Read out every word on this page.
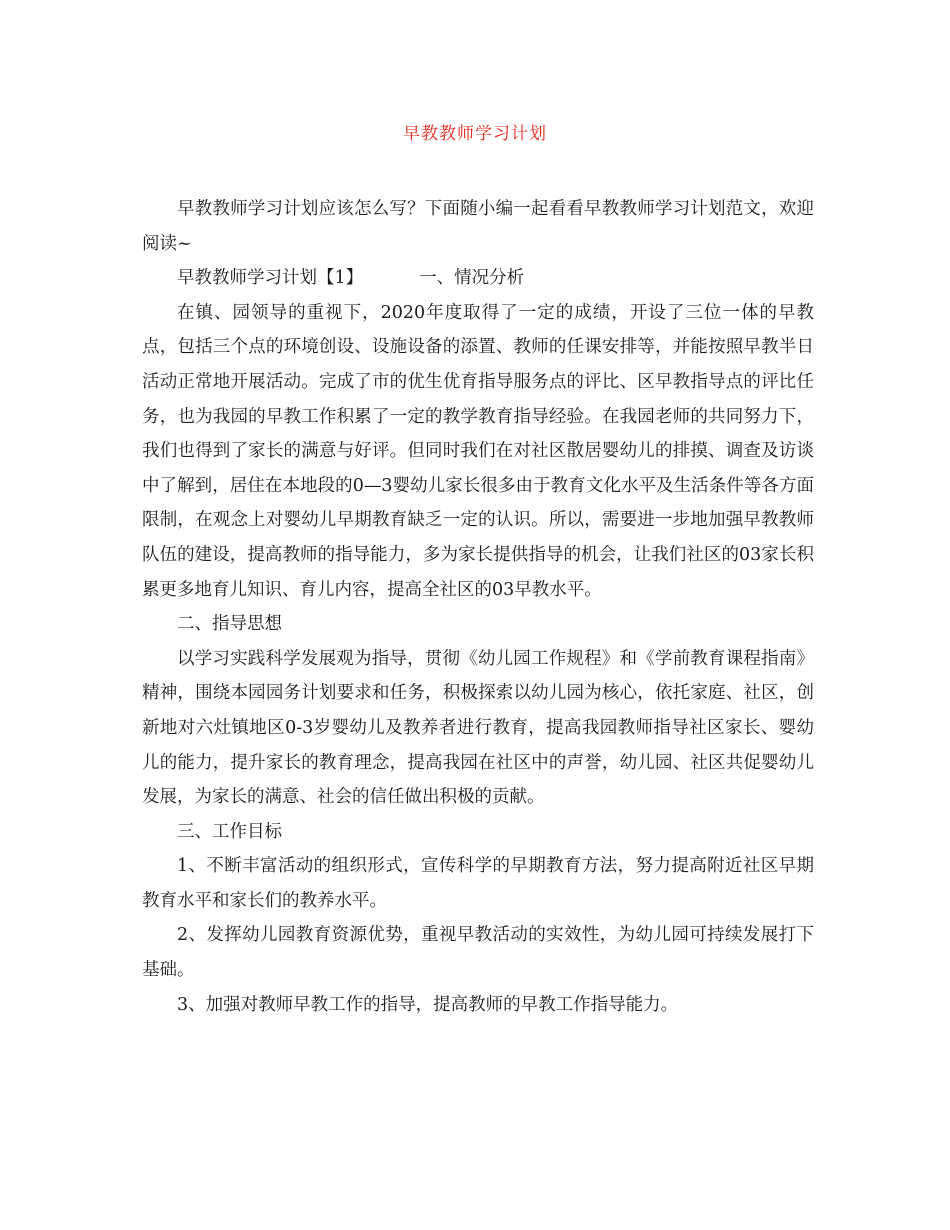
早教教师学习计划

早教教师学习计划应该怎么写？下面随小编一起看看早教教师学习计划范文，欢迎阅读~

早教教师学习计划【1】	一、情况分析

在镇、园领导的重视下，2020年度取得了一定的成绩，开设了三位一体的早教点，包括三个点的环境创设、设施设备的添置、教师的任课安排等，并能按照早教半日活动正常地开展活动。完成了市的优生优育指导服务点的评比、区早教指导点的评比任务，也为我园的早教工作积累了一定的教学教育指导经验。在我园老师的共同努力下，我们也得到了家长的满意与好评。但同时我们在对社区散居婴幼儿的排摸、调查及访谈中了解到，居住在本地段的0—3婴幼儿家长很多由于教育文化水平及生活条件等各方面限制，在观念上对婴幼儿早期教育缺乏一定的认识。所以，需要进一步地加强早教教师队伍的建设，提高教师的指导能力，多为家长提供指导的机会，让我们社区的03家长积累更多地育儿知识、育儿内容，提高全社区的03早教水平。

二、指导思想

以学习实践科学发展观为指导，贯彻《幼儿园工作规程》和《学前教育课程指南》精神，围绕本园园务计划要求和任务，积极探索以幼儿园为核心，依托家庭、社区，创新地对六灶镇地区0-3岁婴幼儿及教养者进行教育，提高我园教师指导社区家长、婴幼儿的能力，提升家长的教育理念，提高我园在社区中的声誉，幼儿园、社区共促婴幼儿发展，为家长的满意、社会的信任做出积极的贡献。

三、工作目标

1、不断丰富活动的组织形式，宣传科学的早期教育方法，努力提高附近社区早期教育水平和家长们的教养水平。

2、发挥幼儿园教育资源优势，重视早教活动的实效性，为幼儿园可持续发展打下基础。

3、加强对教师早教工作的指导，提高教师的早教工作指导能力。
